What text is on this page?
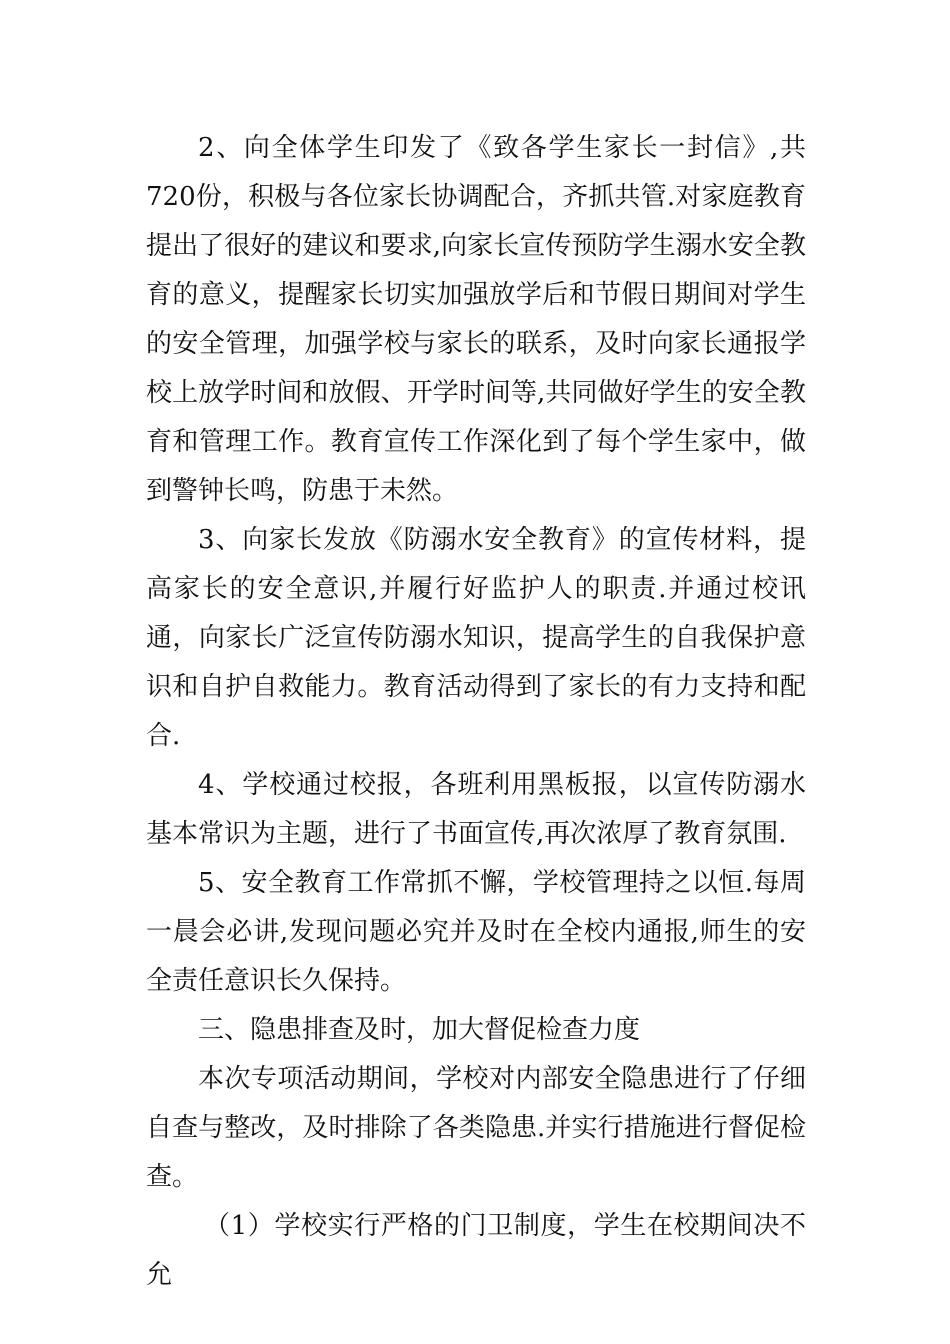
2、向全体学生印发了《致各学生家长一封信》,共720份，积极与各位家长协调配合，齐抓共管.对家庭教育提出了很好的建议和要求,向家长宣传预防学生溺水安全教育的意义，提醒家长切实加强放学后和节假日期间对学生的安全管理，加强学校与家长的联系，及时向家长通报学校上放学时间和放假、开学时间等,共同做好学生的安全教育和管理工作。教育宣传工作深化到了每个学生家中，做到警钟长鸣，防患于未然。

3、向家长发放《防溺水安全教育》的宣传材料，提高家长的安全意识,并履行好监护人的职责.并通过校讯通，向家长广泛宣传防溺水知识，提高学生的自我保护意识和自护自救能力。教育活动得到了家长的有力支持和配合.

4、学校通过校报，各班利用黑板报，以宣传防溺水基本常识为主题，进行了书面宣传,再次浓厚了教育氛围.

5、安全教育工作常抓不懈，学校管理持之以恒.每周一晨会必讲,发现问题必究并及时在全校内通报,师生的安全责任意识长久保持。

三、隐患排查及时，加大督促检查力度

本次专项活动期间，学校对内部安全隐患进行了仔细自查与整改，及时排除了各类隐患.并实行措施进行督促检查。

（1）学校实行严格的门卫制度，学生在校期间决不允
